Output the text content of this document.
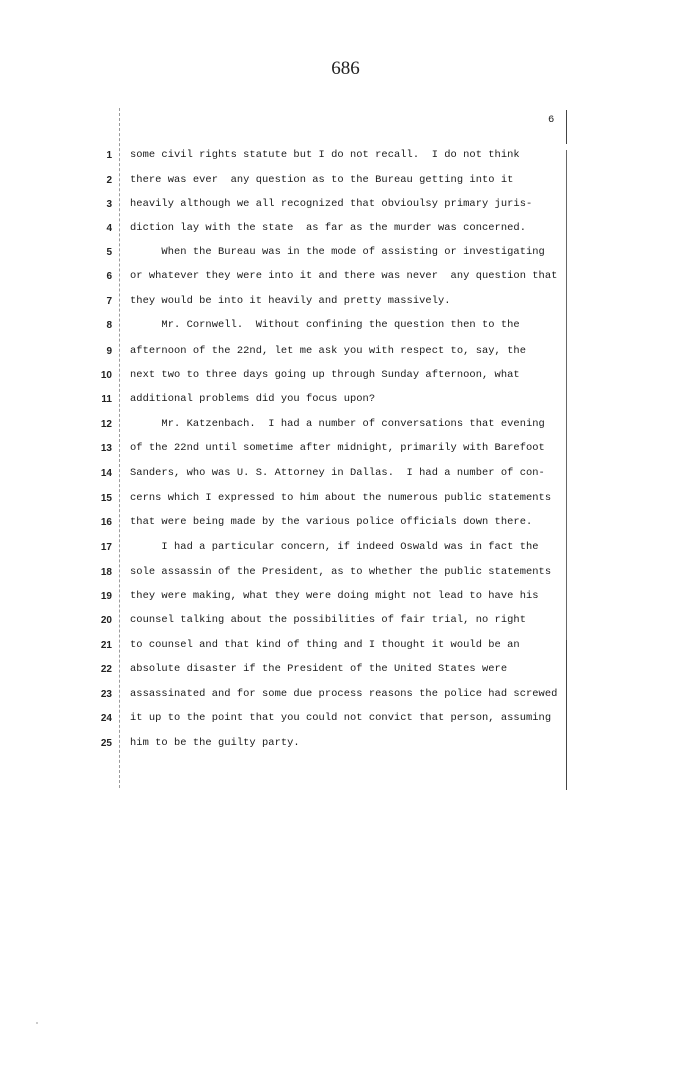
686
6
1 some civil rights statute but I do not recall.  I do not think
2 there was ever  any question as to the Bureau getting into it
3 heavily although we all recognized that obvioulsy primary juris-
4 diction lay with the state  as far as the murder was concerned.
5 When the Bureau was in the mode of assisting or investigating
6 or whatever they were into it and there was never  any question that
7 they would be into it heavily and pretty massively.
8 Mr. Cornwell.  Without confining the question then to the
9 afternoon of the 22nd, let me ask you with respect to, say, the
10 next two to three days going up through Sunday afternoon, what
11 additional problems did you focus upon?
12 Mr. Katzenbach.  I had a number of conversations that evening
13 of the 22nd until sometime after midnight, primarily with Barefoot
14 Sanders, who was U. S. Attorney in Dallas.  I had a number of con-
15 cerns which I expressed to him about the numerous public statements
16 that were being made by the various police officials down there.
17 I had a particular concern, if indeed Oswald was in fact the
18 sole assassin of the President, as to whether the public statements
19 they were making, what they were doing might not lead to have his
20 counsel talking about the possibilities of fair trial, no right
21 to counsel and that kind of thing and I thought it would be an
22 absolute disaster if the President of the United States were
23 assassinated and for some due process reasons the police had screwed
24 it up to the point that you could not convict that person, assuming
25 him to be the guilty party.
